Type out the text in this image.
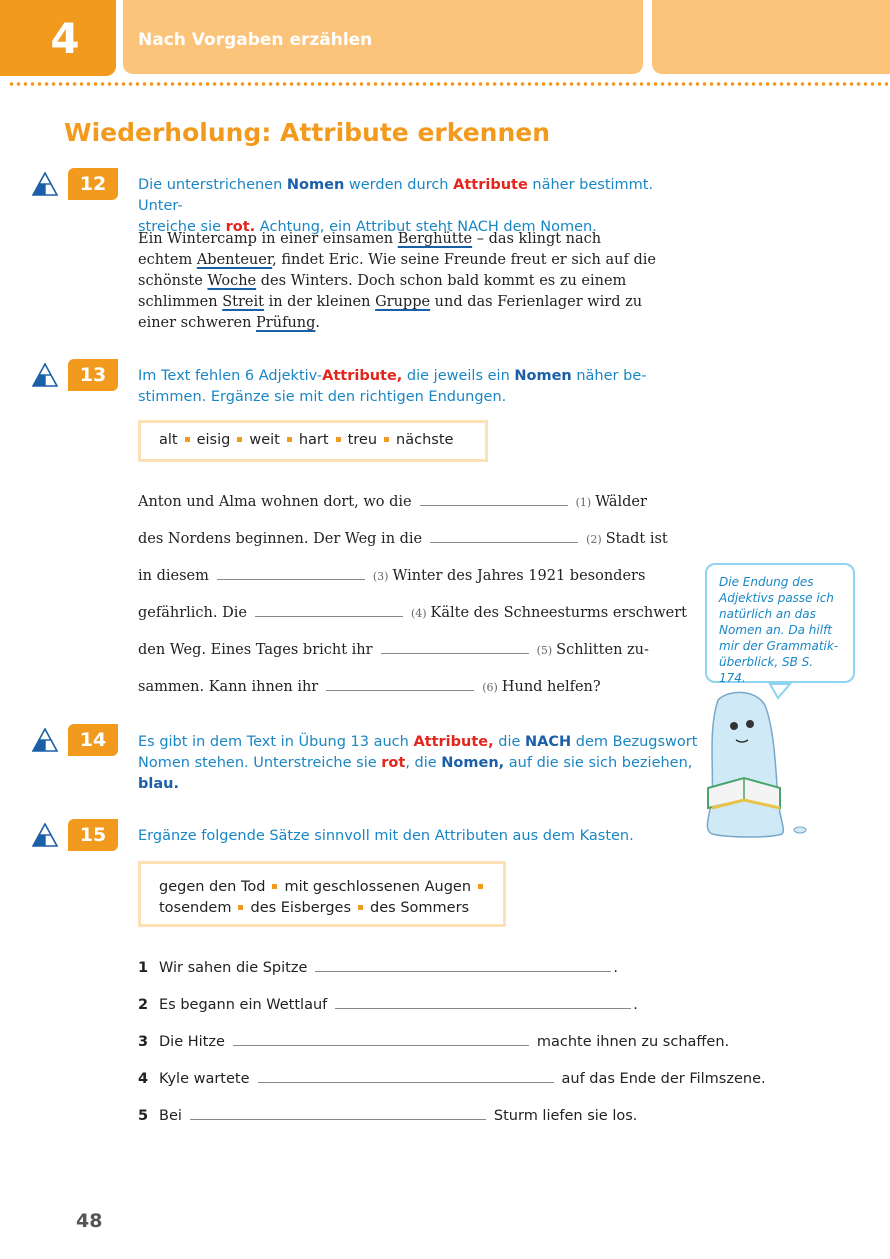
4	Nach Vorgaben erzählen
Wiederholung: Attribute erkennen
12	Die unterstrichenen Nomen werden durch Attribute näher bestimmt. Unter-
streiche sie rot. Achtung, ein Attribut steht NACH dem Nomen.
Ein Wintercamp in einer einsamen Berghütte – das klingt nach echtem Abenteuer, findet Eric. Wie seine Freunde freut er sich auf die schönste Woche des Winters. Doch schon bald kommt es zu einem schlimmen Streit in der kleinen Gruppe und das Ferienlager wird zu einer schweren Prüfung.
13	Im Text fehlen 6 Adjektiv-Attribute, die jeweils ein Nomen näher be-
stimmen. Ergänze sie mit den richtigen Endungen.
alt eisig weit hart treu nächste
Anton und Alma wohnen dort, wo die	(1) Wälder
des Nordens beginnen. Der Weg in die	(2) Stadt ist
in diesem	(3) Winter des Jahres 1921 besonders
gefährlich. Die	(4) Kälte des Schneesturms erschwert
den Weg. Eines Tages bricht ihr	(5) Schlitten zu-
sammen. Kann ihnen ihr	(6) Hund helfen?
Die Endung des Adjektivs passe ich natürlich an das Nomen an. Da hilft mir der Grammatik-überblick, SB S. 174.
14	Es gibt in dem Text in Übung 13 auch Attribute, die NACH dem Bezugswort
Nomen stehen. Unterstreiche sie rot, die Nomen, auf die sie sich beziehen,
blau.
15	Ergänze folgende Sätze sinnvoll mit den Attributen aus dem Kasten.
gegen den Tod mit geschlossenen Augen
tosendem des Eisberges des Sommers
1 Wir sahen die Spitze	.
2 Es begann ein Wettlauf	.
3 Die Hitze	machte ihnen zu schaffen.
4 Kyle wartete	auf das Ende der Filmszene.
5 Bei	Sturm liefen sie los.
48
